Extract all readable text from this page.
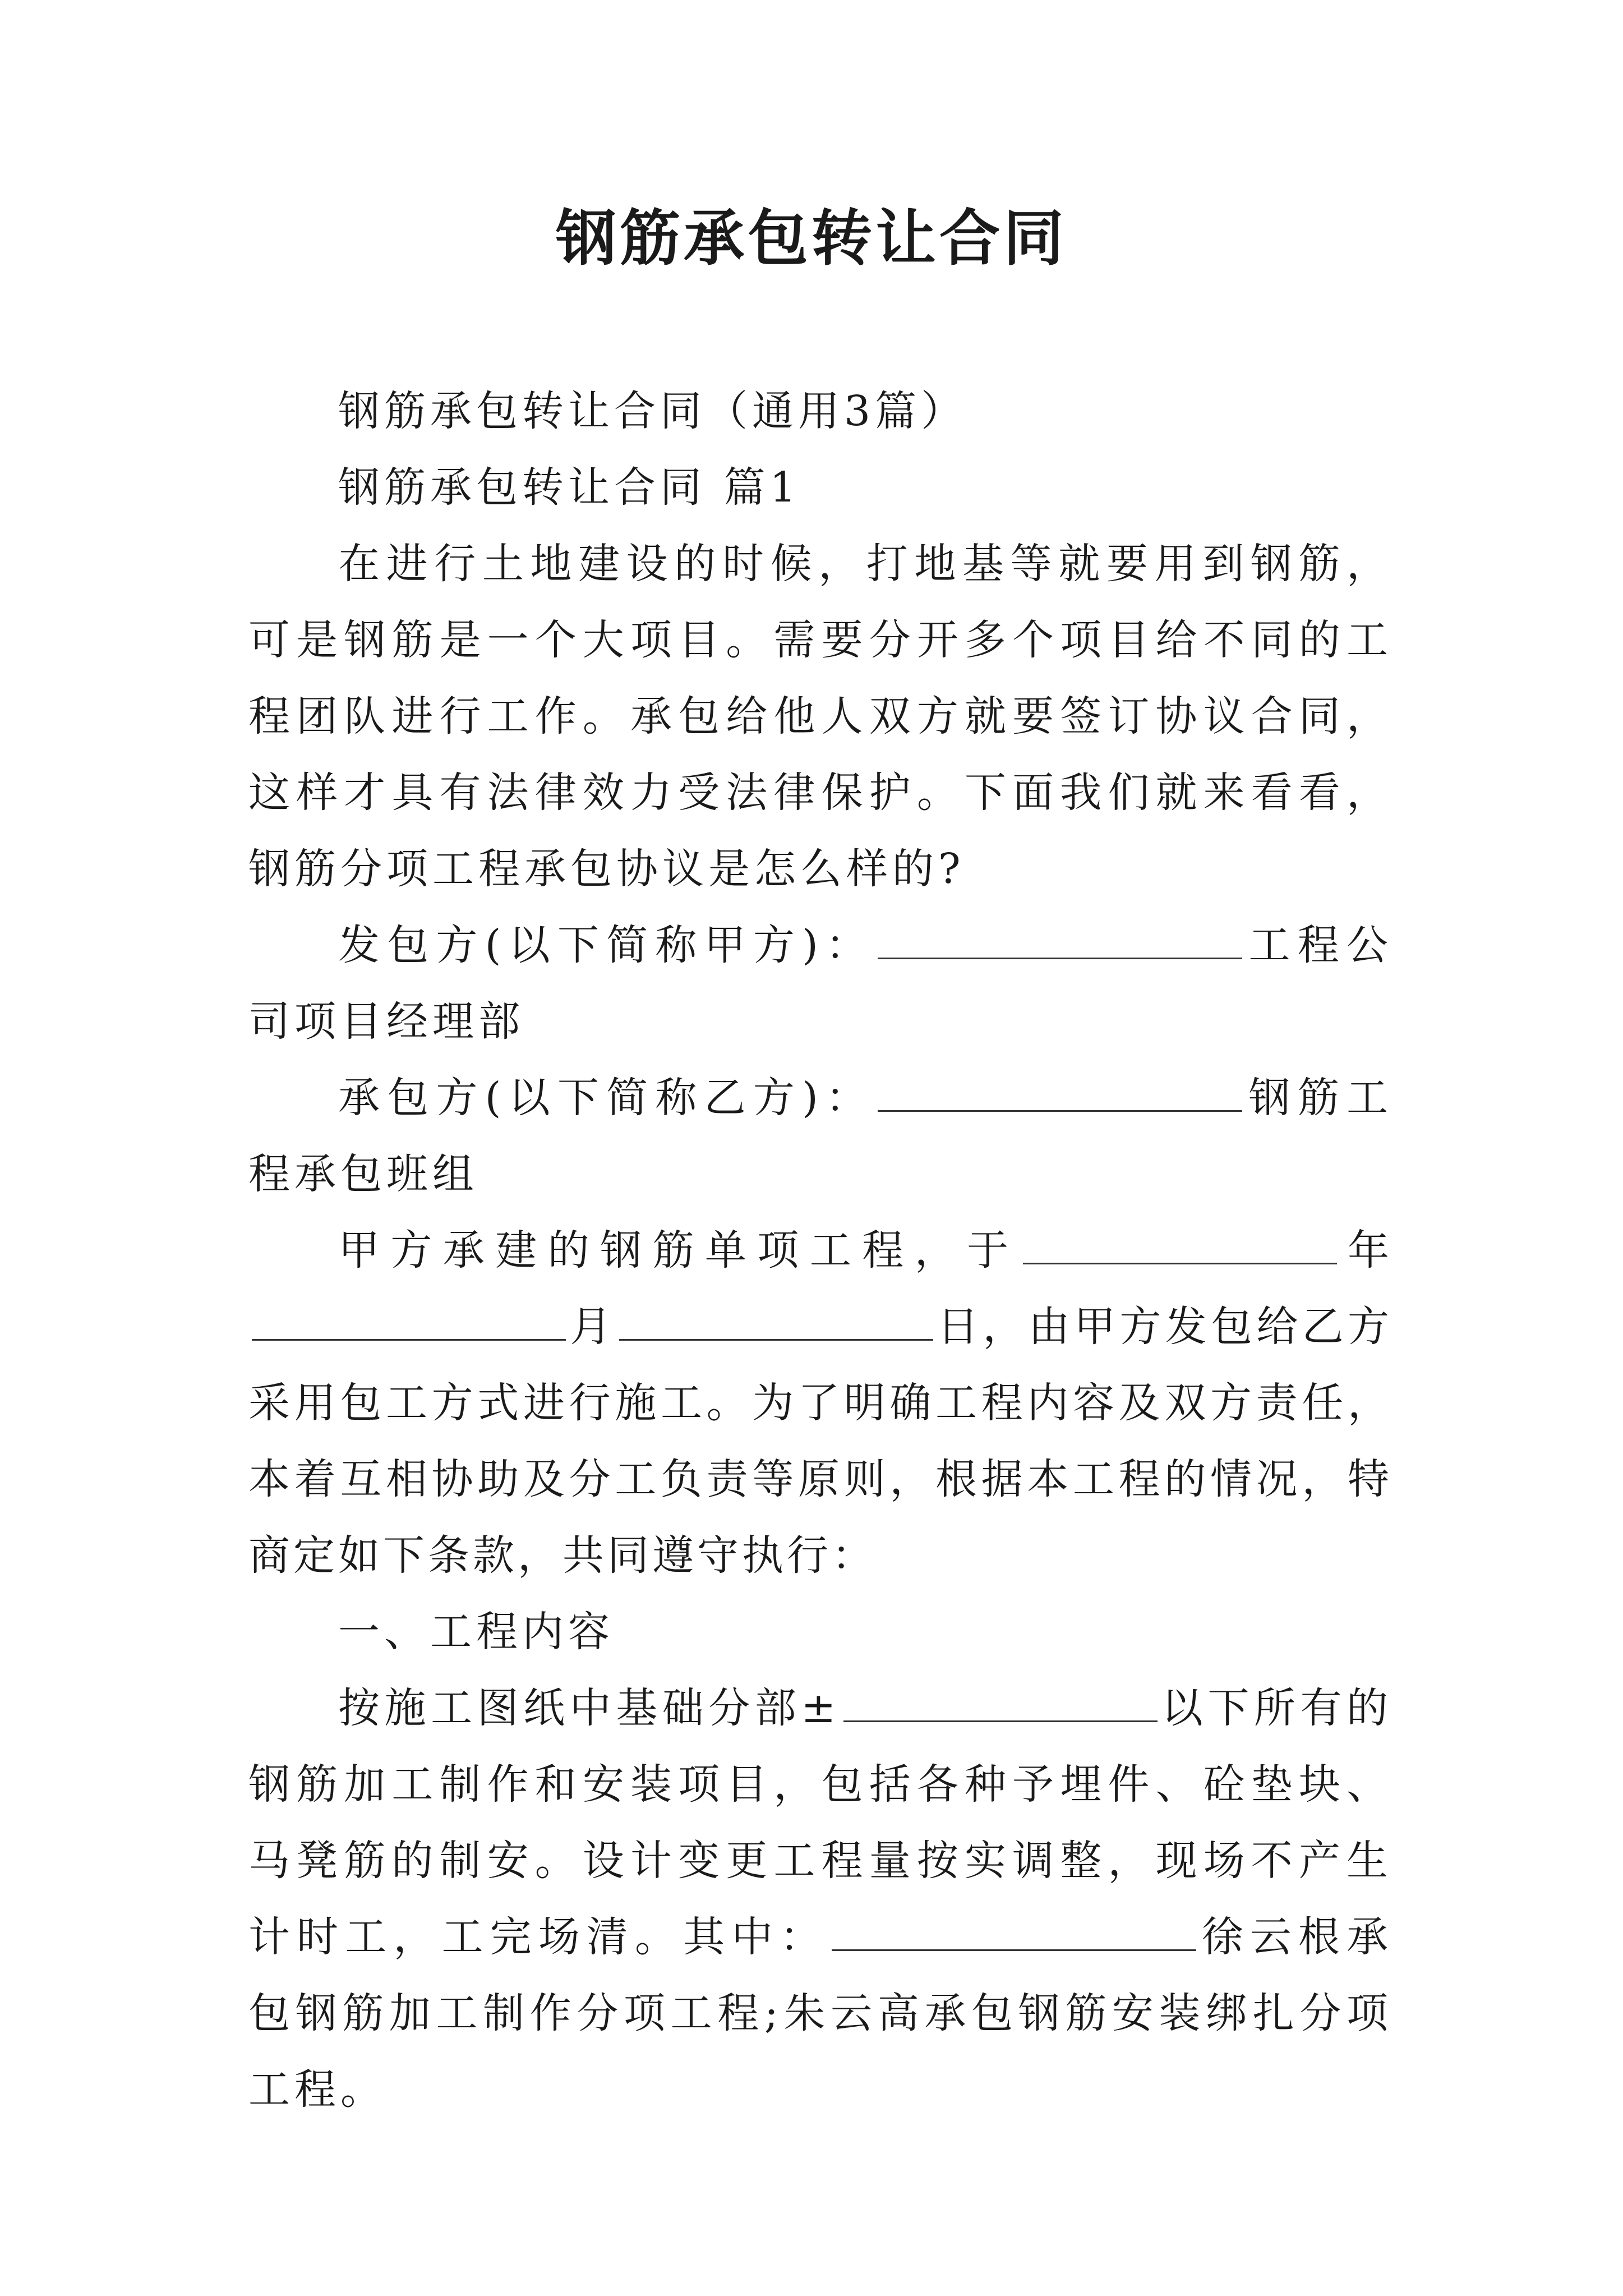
钢筋承包转让合同

钢筋承包转让合同（通用3篇）

钢筋承包转让合同 篇1

在进行土地建设的时候，打地基等就要用到钢筋，可是钢筋是一个大项目。需要分开多个项目给不同的工程团队进行工作。承包给他人双方就要签订协议合同，这样才具有法律效力受法律保护。下面我们就来看看，钢筋分项工程承包协议是怎么样的?

发包方(以下简称甲方)：	工程公司项目经理部

承包方(以下简称乙方)：	钢筋工程承包班组

甲方承建的钢筋单项工程，于	年月	日，由甲方发包给乙方采用包工方式进行施工。为了明确工程内容及双方责任，本着互相协助及分工负责等原则，根据本工程的情况，特商定如下条款，共同遵守执行：

一、工程内容

按施工图纸中基础分部±	以下所有的钢筋加工制作和安装项目，包括各种予埋件、砼垫块、马凳筋的制安。设计变更工程量按实调整，现场不产生计时工，工完场清。其中：	徐云根承包钢筋加工制作分项工程;朱云高承包钢筋安装绑扎分项工程。
